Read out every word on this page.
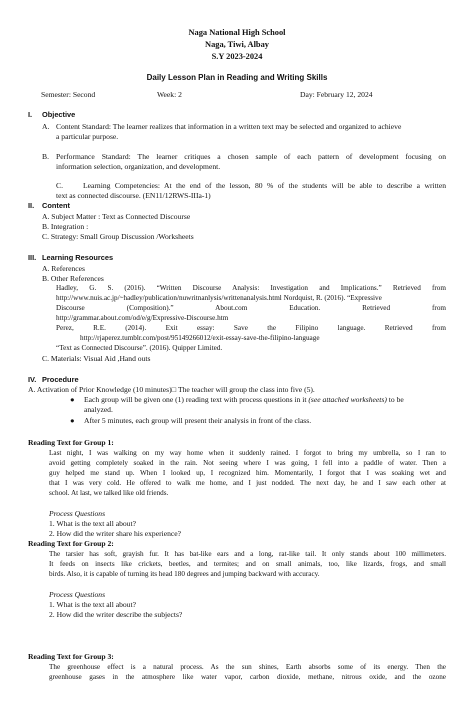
Naga National High School
Naga, Tiwi, Albay
S.Y 2023-2024
Daily Lesson Plan in Reading and Writing Skills
Semester: Second	Week: 2	Day: February 12, 2024
I. Objective
A. Content Standard: The learner realizes that information in a written text may be selected and organized to achieve
a particular purpose.
B. Performance Standard: The learner critiques a chosen sample of each pattern of development focusing on
information selection, organization, and development.
C.	Learning Competencies: At the end of the lesson, 80 % of the students will be able to describe a written
text as connected discourse. (EN11/12RWS-IIIa-1)
II. Content
A. Subject Matter : Text as Connected Discourse
B. Integration :
C. Strategy: Small Group Discussion /Worksheets
III. Learning Resources
A. References
B. Other References
Hadley, G. S. (2016). “Written Discourse Analysis: Investigation and Implications.” Retrieved from
http://www.nuis.ac.jp/~hadley/publication/nuwritnanlysis/writtenanalysis.html Nordquist, R. (2016). “Expressive
Discourse (Composition).” About.com Education. Retrieved from
http://grammar.about.com/od/e/g/Expressive-Discourse.htm
Perez, R.E. (2014). Exit essay: Save the Filipino language. Retrieved from
http://rjaperez.tumblr.com/post/95149266012/exit-essay-save-the-filipino-language
“Text as Connected Discourse”. (2016). Quipper Limited.
C. Materials: Visual Aid ,Hand outs
IV. Procedure
A. Activation of Prior Knowledge (10 minutes)□ The teacher will group the class into five (5).
● Each group will be given one (1) reading text with process questions in it (see attached worksheets) to be
analyzed.
● After 5 minutes, each group will present their analysis in front of the class.
Reading Text for Group 1:
Last night, I was walking on my way home when it suddenly rained. I forgot to bring my umbrella, so I ran to
avoid getting completely soaked in the rain. Not seeing where I was going, I fell into a paddle of water. Then a
guy helped me stand up. When I looked up, I recognized him. Momentarily, I forgot that I was soaking wet and
that I was very cold. He offered to walk me home, and I just nodded. The next day, he and I saw each other at
school. At last, we talked like old friends.
Process Questions
1. What is the text all about?
2. How did the writer share his experience?
Reading Text for Group 2:
The tarsier has soft, grayish fur. It has bat-like ears and a long, rat-like tail. It only stands about 100 millimeters.
It feeds on insects like crickets, beetles, and termites; and on small animals, too, like lizards, frogs, and small
birds. Also, it is capable of turning its head 180 degrees and jumping backward with accuracy.
Process Questions
1. What is the text all about?
2. How did the writer describe the subjects?
Reading Text for Group 3:
The greenhouse effect is a natural process. As the sun shines, Earth absorbs some of its energy. Then the
greenhouse gases in the atmosphere like water vapor, carbon dioxide, methane, nitrous oxide, and the ozone
